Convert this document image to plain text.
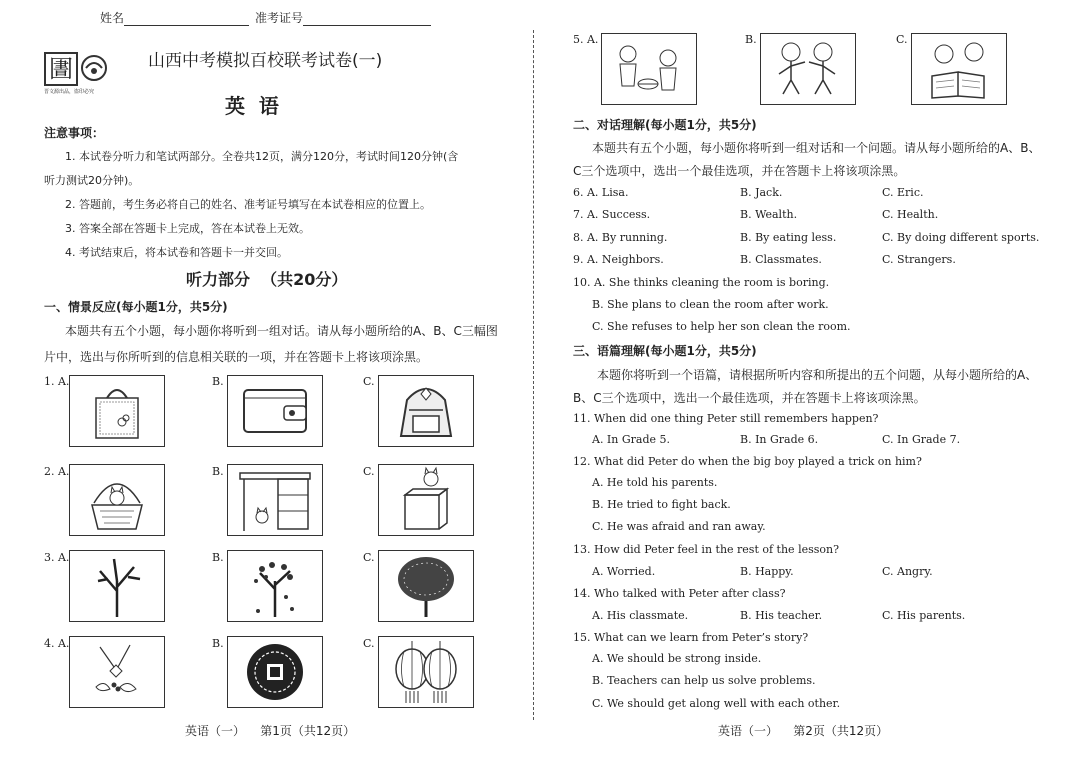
姓名	准考证号
圕
晋文源出品，盗印必究
山西中考模拟百校联考试卷(一)
英  语
注意事项：
1. 本试卷分听力和笔试两部分。全卷共12页，满分120分，考试时间120分钟(含
听力测试20分钟)。
2. 答题前，考生务必将自己的姓名、准考证号填写在本试卷相应的位置上。
3. 答案全部在答题卡上完成，答在本试卷上无效。
4. 考试结束后，将本试卷和答题卡一并交回。
听力部分  （共20分）
一、情景反应(每小题1分，共5分)
本题共有五个小题，每小题你将听到一组对话。请从每小题所给的A、B、C三幅图
片中，选出与你所听到的信息相关联的一项，并在答题卡上将该项涂黑。
1. A.	B.	C.
2. A.	B.	C.
3. A.	B.	C.
4. A.	B.	C.
英语（一）    第1页（共12页）
5. A.	B.	C.
二、对话理解(每小题1分，共5分)
本题共有五个小题，每小题你将听到一组对话和一个问题。请从每小题所给的A、B、
C三个选项中，选出一个最佳选项，并在答题卡上将该项涂黑。
6. A. Lisa.	B. Jack.	C. Eric.
7. A. Success.	B. Wealth.	C. Health.
8. A. By running.	B. By eating less.	C. By doing different sports.
9. A. Neighbors.	B. Classmates.	C. Strangers.
10. A. She thinks cleaning the room is boring.
B. She plans to clean the room after work.
C. She refuses to help her son clean the room.
三、语篇理解(每小题1分，共5分)
本题你将听到一个语篇，请根据所听内容和所提出的五个问题，从每小题所给的A、
B、C三个选项中，选出一个最佳选项，并在答题卡上将该项涂黑。
11. When did one thing Peter still remembers happen?
A. In Grade 5.	B. In Grade 6.	C. In Grade 7.
12. What did Peter do when the big boy played a trick on him?
A. He told his parents.
B. He tried to fight back.
C. He was afraid and ran away.
13. How did Peter feel in the rest of the lesson?
A. Worried.	B. Happy.	C. Angry.
14. Who talked with Peter after class?
A. His classmate.	B. His teacher.	C. His parents.
15. What can we learn from Peter’s story?
A. We should be strong inside.
B. Teachers can help us solve problems.
C. We should get along well with each other.
英语（一）    第2页（共12页）
